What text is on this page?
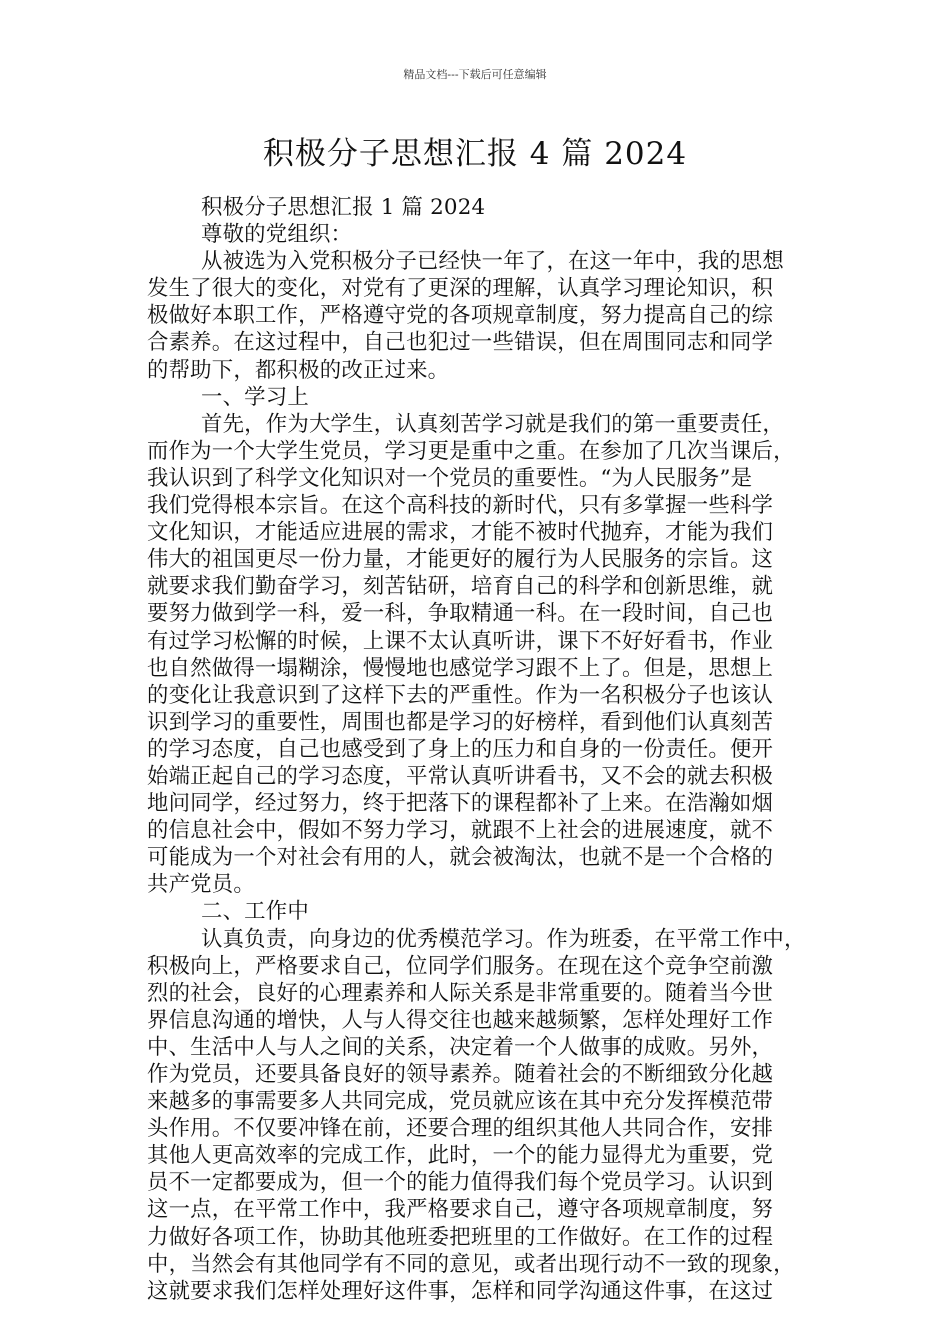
精品文档---下载后可任意编辑
积极分子思想汇报 4 篇 2024
积极分子思想汇报 1 篇 2024
尊敬的党组织：
从被选为入党积极分子已经快一年了，在这一年中，我的思想
发生了很大的变化，对党有了更深的理解，认真学习理论知识，积
极做好本职工作，严格遵守党的各项规章制度，努力提高自己的综
合素养。在这过程中，自己也犯过一些错误，但在周围同志和同学
的帮助下，都积极的改正过来。
一、学习上
首先，作为大学生，认真刻苦学习就是我们的第一重要责任，
而作为一个大学生党员，学习更是重中之重。在参加了几次当课后，
我认识到了科学文化知识对一个党员的重要性。“为人民服务”是
我们党得根本宗旨。在这个高科技的新时代，只有多掌握一些科学
文化知识，才能适应进展的需求，才能不被时代抛弃，才能为我们
伟大的祖国更尽一份力量，才能更好的履行为人民服务的宗旨。这
就要求我们勤奋学习，刻苦钻研，培育自己的科学和创新思维，就
要努力做到学一科，爱一科，争取精通一科。在一段时间，自己也
有过学习松懈的时候，上课不太认真听讲，课下不好好看书，作业
也自然做得一塌糊涂，慢慢地也感觉学习跟不上了。但是，思想上
的变化让我意识到了这样下去的严重性。作为一名积极分子也该认
识到学习的重要性，周围也都是学习的好榜样，看到他们认真刻苦
的学习态度，自己也感受到了身上的压力和自身的一份责任。便开
始端正起自己的学习态度，平常认真听讲看书，又不会的就去积极
地问同学，经过努力，终于把落下的课程都补了上来。在浩瀚如烟
的信息社会中，假如不努力学习，就跟不上社会的进展速度，就不
可能成为一个对社会有用的人，就会被淘汰，也就不是一个合格的
共产党员。
二、工作中
认真负责，向身边的优秀模范学习。作为班委，在平常工作中，
积极向上，严格要求自己，位同学们服务。在现在这个竞争空前激
烈的社会，良好的心理素养和人际关系是非常重要的。随着当今世
界信息沟通的增快，人与人得交往也越来越频繁，怎样处理好工作
中、生活中人与人之间的关系，决定着一个人做事的成败。另外，
作为党员，还要具备良好的领导素养。随着社会的不断细致分化越
来越多的事需要多人共同完成，党员就应该在其中充分发挥模范带
头作用。不仅要冲锋在前，还要合理的组织其他人共同合作，安排
其他人更高效率的完成工作，此时，一个的能力显得尤为重要，党
员不一定都要成为，但一个的能力值得我们每个党员学习。认识到
这一点，在平常工作中，我严格要求自己，遵守各项规章制度，努
力做好各项工作，协助其他班委把班里的工作做好。在工作的过程
中，当然会有其他同学有不同的意见，或者出现行动不一致的现象，
这就要求我们怎样处理好这件事，怎样和同学沟通这件事，在这过
